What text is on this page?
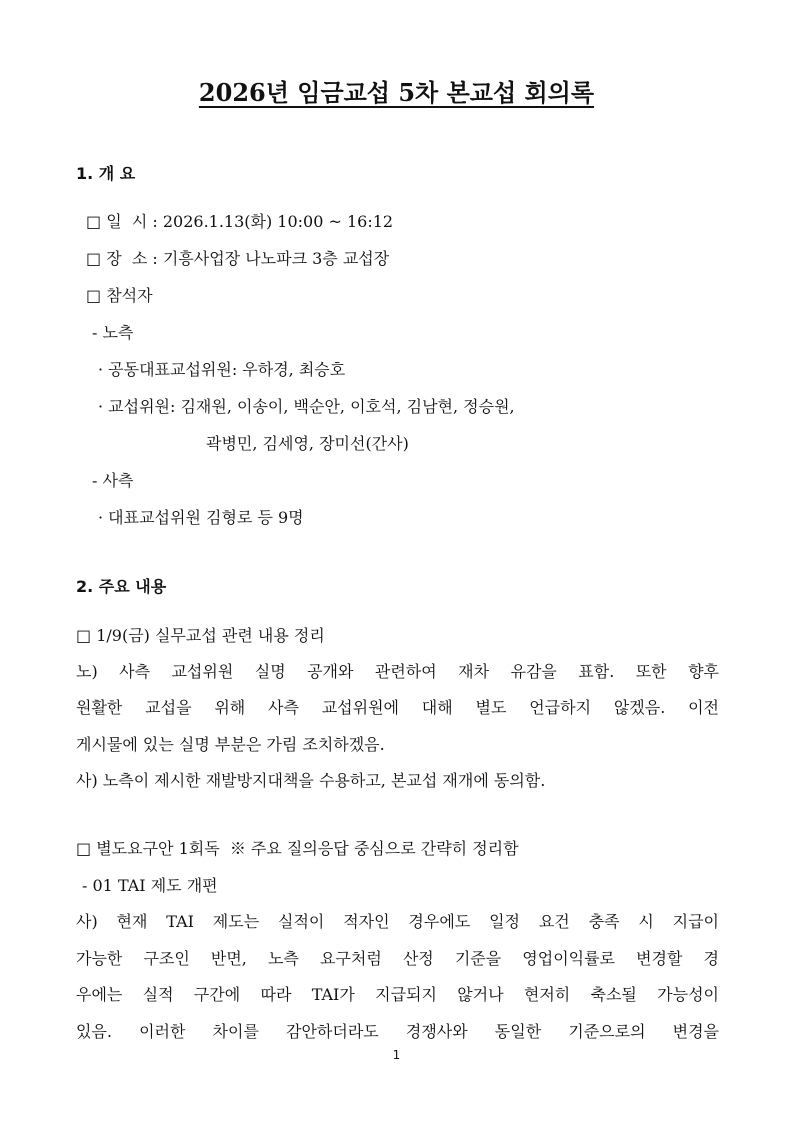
2026년 임금교섭 5차 본교섭 회의록
1. 개 요
□ 일  시 : 2026.1.13(화) 10:00 ~ 16:12
□ 장  소 : 기흥사업장 나노파크 3층 교섭장
□ 참석자
- 노측
· 공동대표교섭위원: 우하경, 최승호
· 교섭위원: 김재원, 이송이, 백순안, 이호석, 김남현, 정승원,
곽병민, 김세영, 장미선(간사)
- 사측
· 대표교섭위원 김형로 등 9명
2. 주요 내용
□ 1/9(금) 실무교섭 관련 내용 정리
노) 사측 교섭위원 실명 공개와 관련하여 재차 유감을 표함. 또한 향후
원활한 교섭을 위해 사측 교섭위원에 대해 별도 언급하지 않겠음. 이전
게시물에 있는 실명 부분은 가림 조치하겠음.
사) 노측이 제시한 재발방지대책을 수용하고, 본교섭 재개에 동의함.
□ 별도요구안 1회독  ※ 주요 질의응답 중심으로 간략히 정리함
- 01 TAI 제도 개편
사) 현재 TAI 제도는 실적이 적자인 경우에도 일정 요건 충족 시 지급이
가능한 구조인 반면, 노측 요구처럼 산정 기준을 영업이익률로 변경할 경
우에는 실적 구간에 따라 TAI가 지급되지 않거나 현저히 축소될 가능성이
있음. 이러한 차이를 감안하더라도 경쟁사와 동일한 기준으로의 변경을
1
